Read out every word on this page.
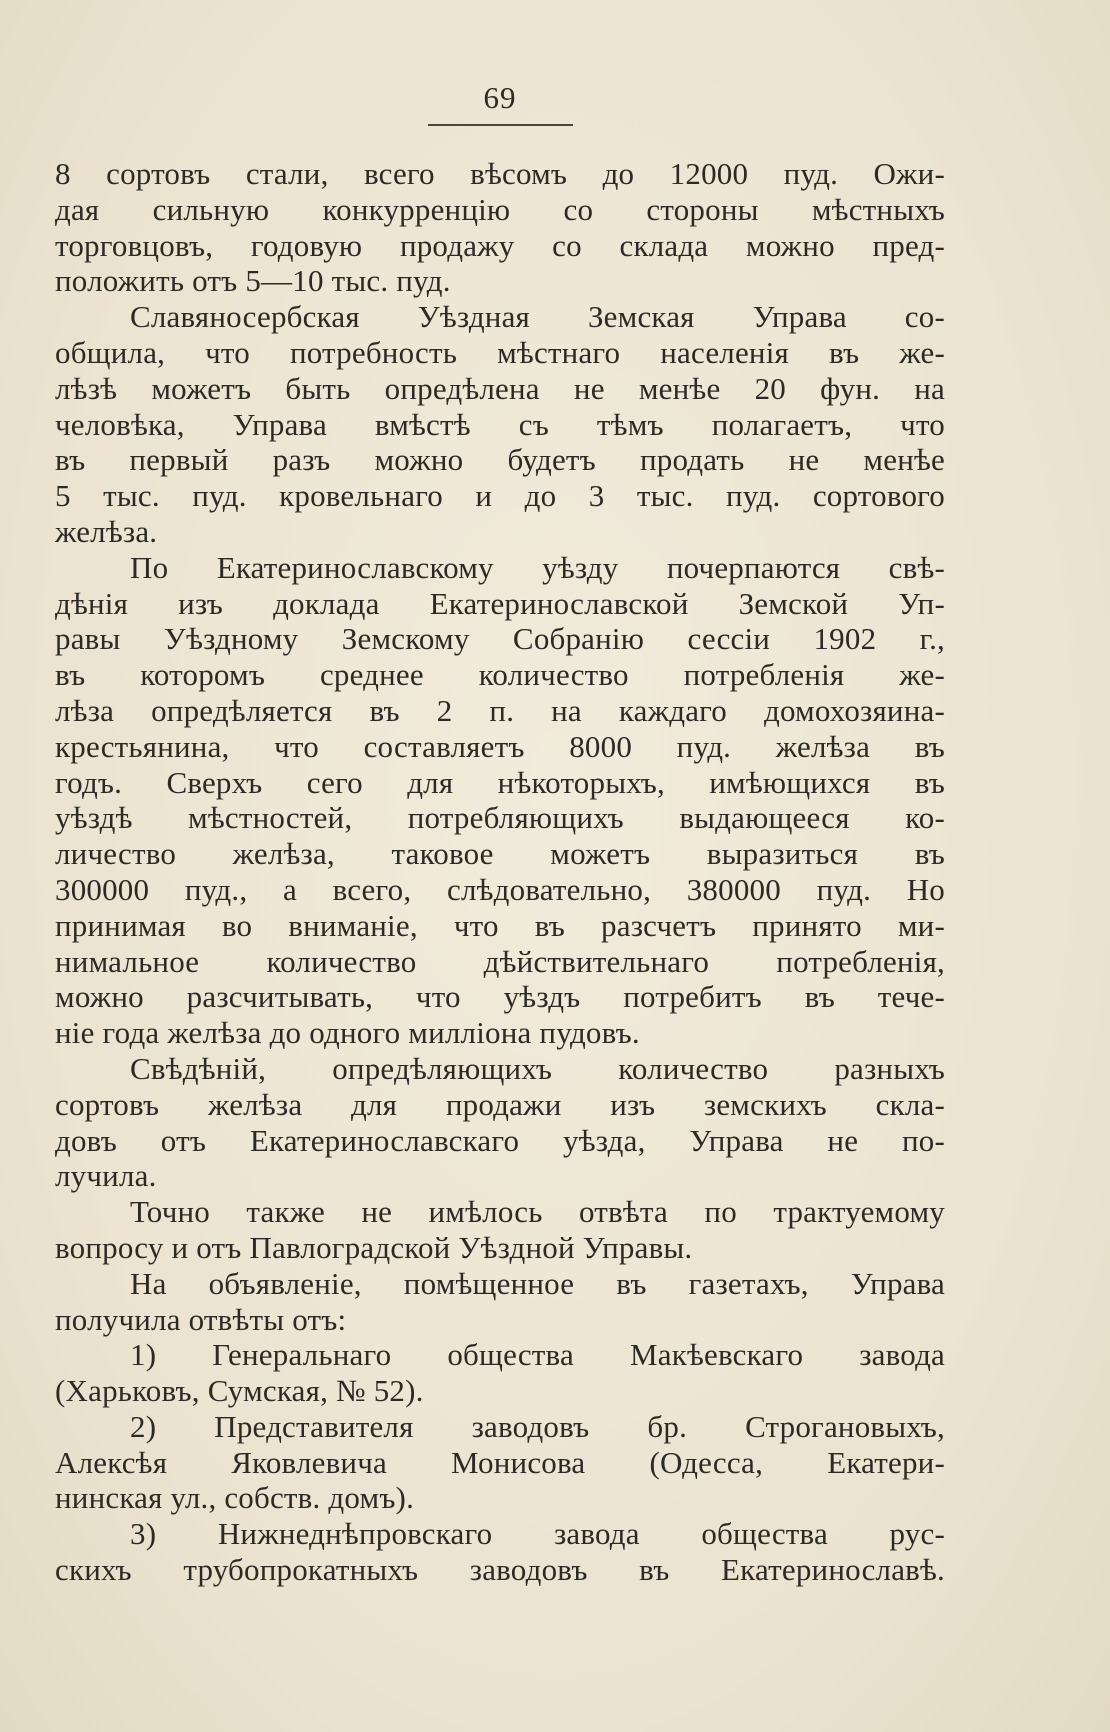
69
8 сортовъ стали, всего вѣсомъ до 12000 пуд. Ожи-
дая сильную конкурренцію со стороны мѣстныхъ
торговцовъ, годовую продажу со склада можно пред-
положить отъ 5—10 тыс. пуд.
Славяносербская Уѣздная Земская Управа со-
общила, что потребность мѣстнаго населенія въ же-
лѣзѣ можетъ быть опредѣлена не менѣе 20 фун. на
человѣка, Управа вмѣстѣ съ тѣмъ полагаетъ, что
въ первый разъ можно будетъ продать не менѣе
5 тыс. пуд. кровельнаго и до 3 тыс. пуд. сортового
желѣза.
По Екатеринославскому уѣзду почерпаются свѣ-
дѣнія изъ доклада Екатеринославской Земской Уп-
равы Уѣздному Земскому Собранію сессіи 1902 г.,
въ которомъ среднее количество потребленія же-
лѣза опредѣляется въ 2 п. на каждаго домохозяина-
крестьянина, что составляетъ 8000 пуд. желѣза въ
годъ. Сверхъ сего для нѣкоторыхъ, имѣющихся въ
уѣздѣ мѣстностей, потребляющихъ выдающееся ко-
личество желѣза, таковое можетъ выразиться въ
300000 пуд., а всего, слѣдовательно, 380000 пуд. Но
принимая во вниманіе, что въ разсчетъ принято ми-
нимальное количество дѣйствительнаго потребленія,
можно разсчитывать, что уѣздъ потребитъ въ тече-
ніе года желѣза до одного милліона пудовъ.
Свѣдѣній, опредѣляющихъ количество разныхъ
сортовъ желѣза для продажи изъ земскихъ скла-
довъ отъ Екатеринославскаго уѣзда, Управа не по-
лучила.
Точно также не имѣлось отвѣта по трактуемому
вопросу и отъ Павлоградской Уѣздной Управы.
На объявленіе, помѣщенное въ газетахъ, Управа
получила отвѣты отъ:
1) Генеральнаго общества Макѣевскаго завода
(Харьковъ, Сумская, № 52).
2) Представителя заводовъ бр. Строгановыхъ,
Алексѣя Яковлевича Монисова (Одесса, Екатери-
нинская ул., собств. домъ).
3) Нижнеднѣпровскаго завода общества рус-
скихъ трубопрокатныхъ заводовъ въ Екатеринославѣ.
